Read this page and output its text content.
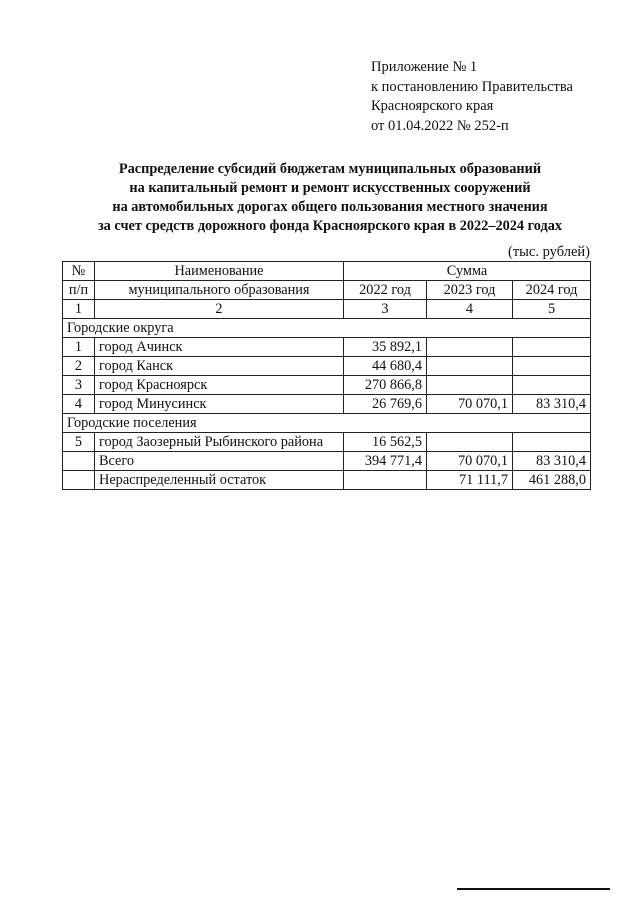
Приложение № 1
к постановлению Правительства
Красноярского края
от 01.04.2022 № 252-п
Распределение субсидий бюджетам муниципальных образований
на капитальный ремонт и ремонт искусственных сооружений
на автомобильных дорогах общего пользования местного значения
за счет средств дорожного фонда Красноярского края в 2022–2024 годах
(тыс. рублей)
№	Наименование	Сумма		
п/п	муниципального образования	2022 год	2023 год	2024 год
1	2	3	4	5
Городские округа				
1	город Ачинск	35 892,1		
2	город Канск	44 680,4		
3	город Красноярск	270 866,8		
4	город Минусинск	26 769,6	70 070,1	83 310,4
Городские поселения				
5	город Заозерный Рыбинского района	16 562,5		
	Всего	394 771,4	70 070,1	83 310,4
	Нераспределенный остаток		71 111,7	461 288,0
